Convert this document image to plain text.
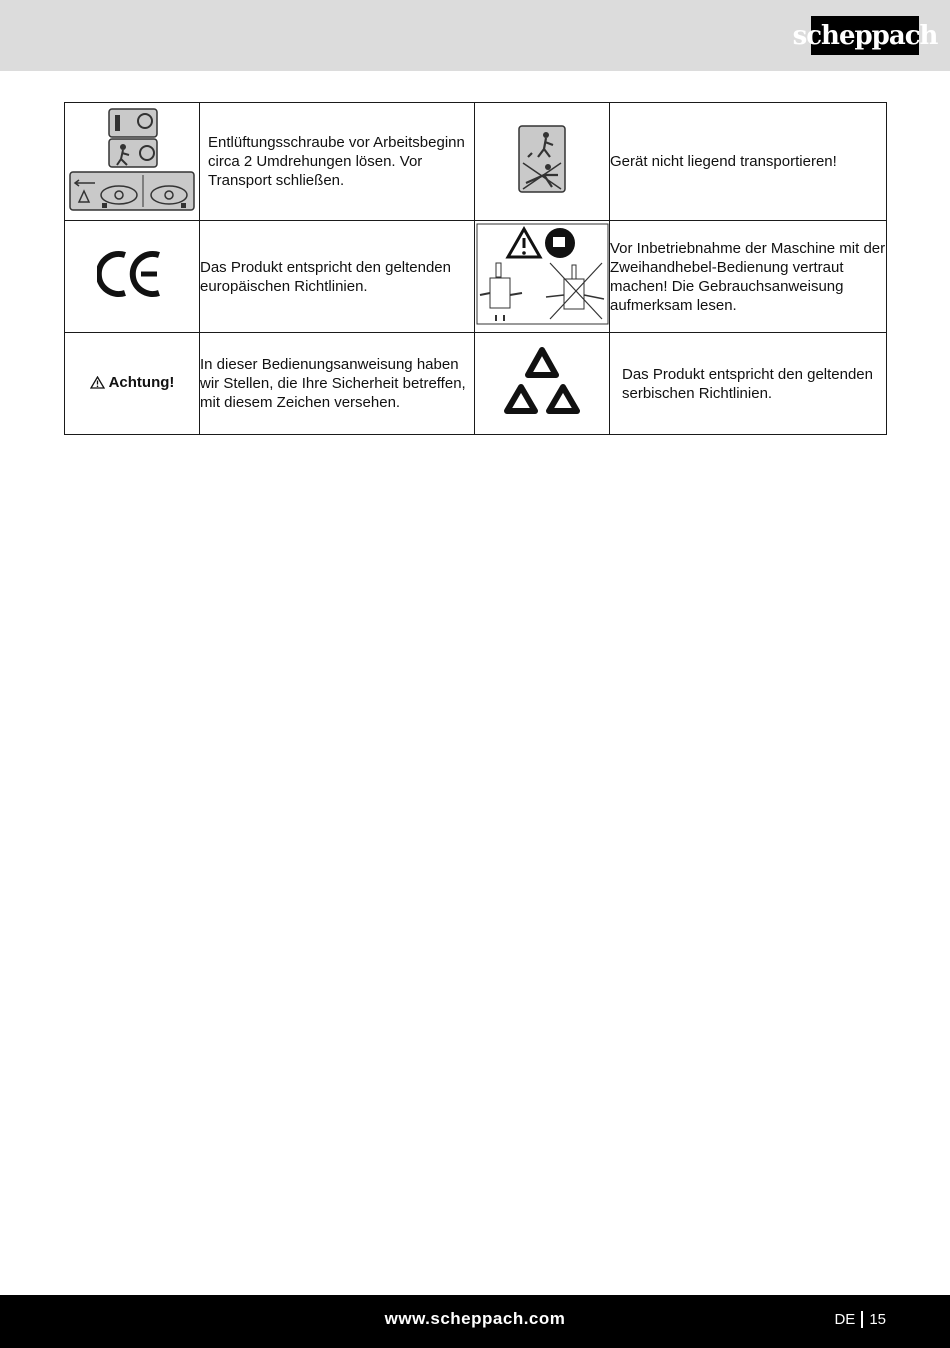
scheppach
	Entlüftungsschraube vor Arbeitsbeginn circa 2 Umdrehungen lösen. Vor Transport schließen.		Gerät nicht liegend transportieren!
	Das Produkt entspricht den geltenden europäischen Richtlinien.		Vor Inbetriebnahme der Maschine mit der Zweihandhebel-Bedienung vertraut machen! Die Gebrauchsanweisung aufmerksam lesen.

Achtung!	In dieser Bedienungsanweisung haben wir Stellen, die Ihre Sicherheit betreffen, mit diesem Zeichen versehen.		Das Produkt entspricht den geltenden serbischen Richtlinien.
www.scheppach.com	DE 15
